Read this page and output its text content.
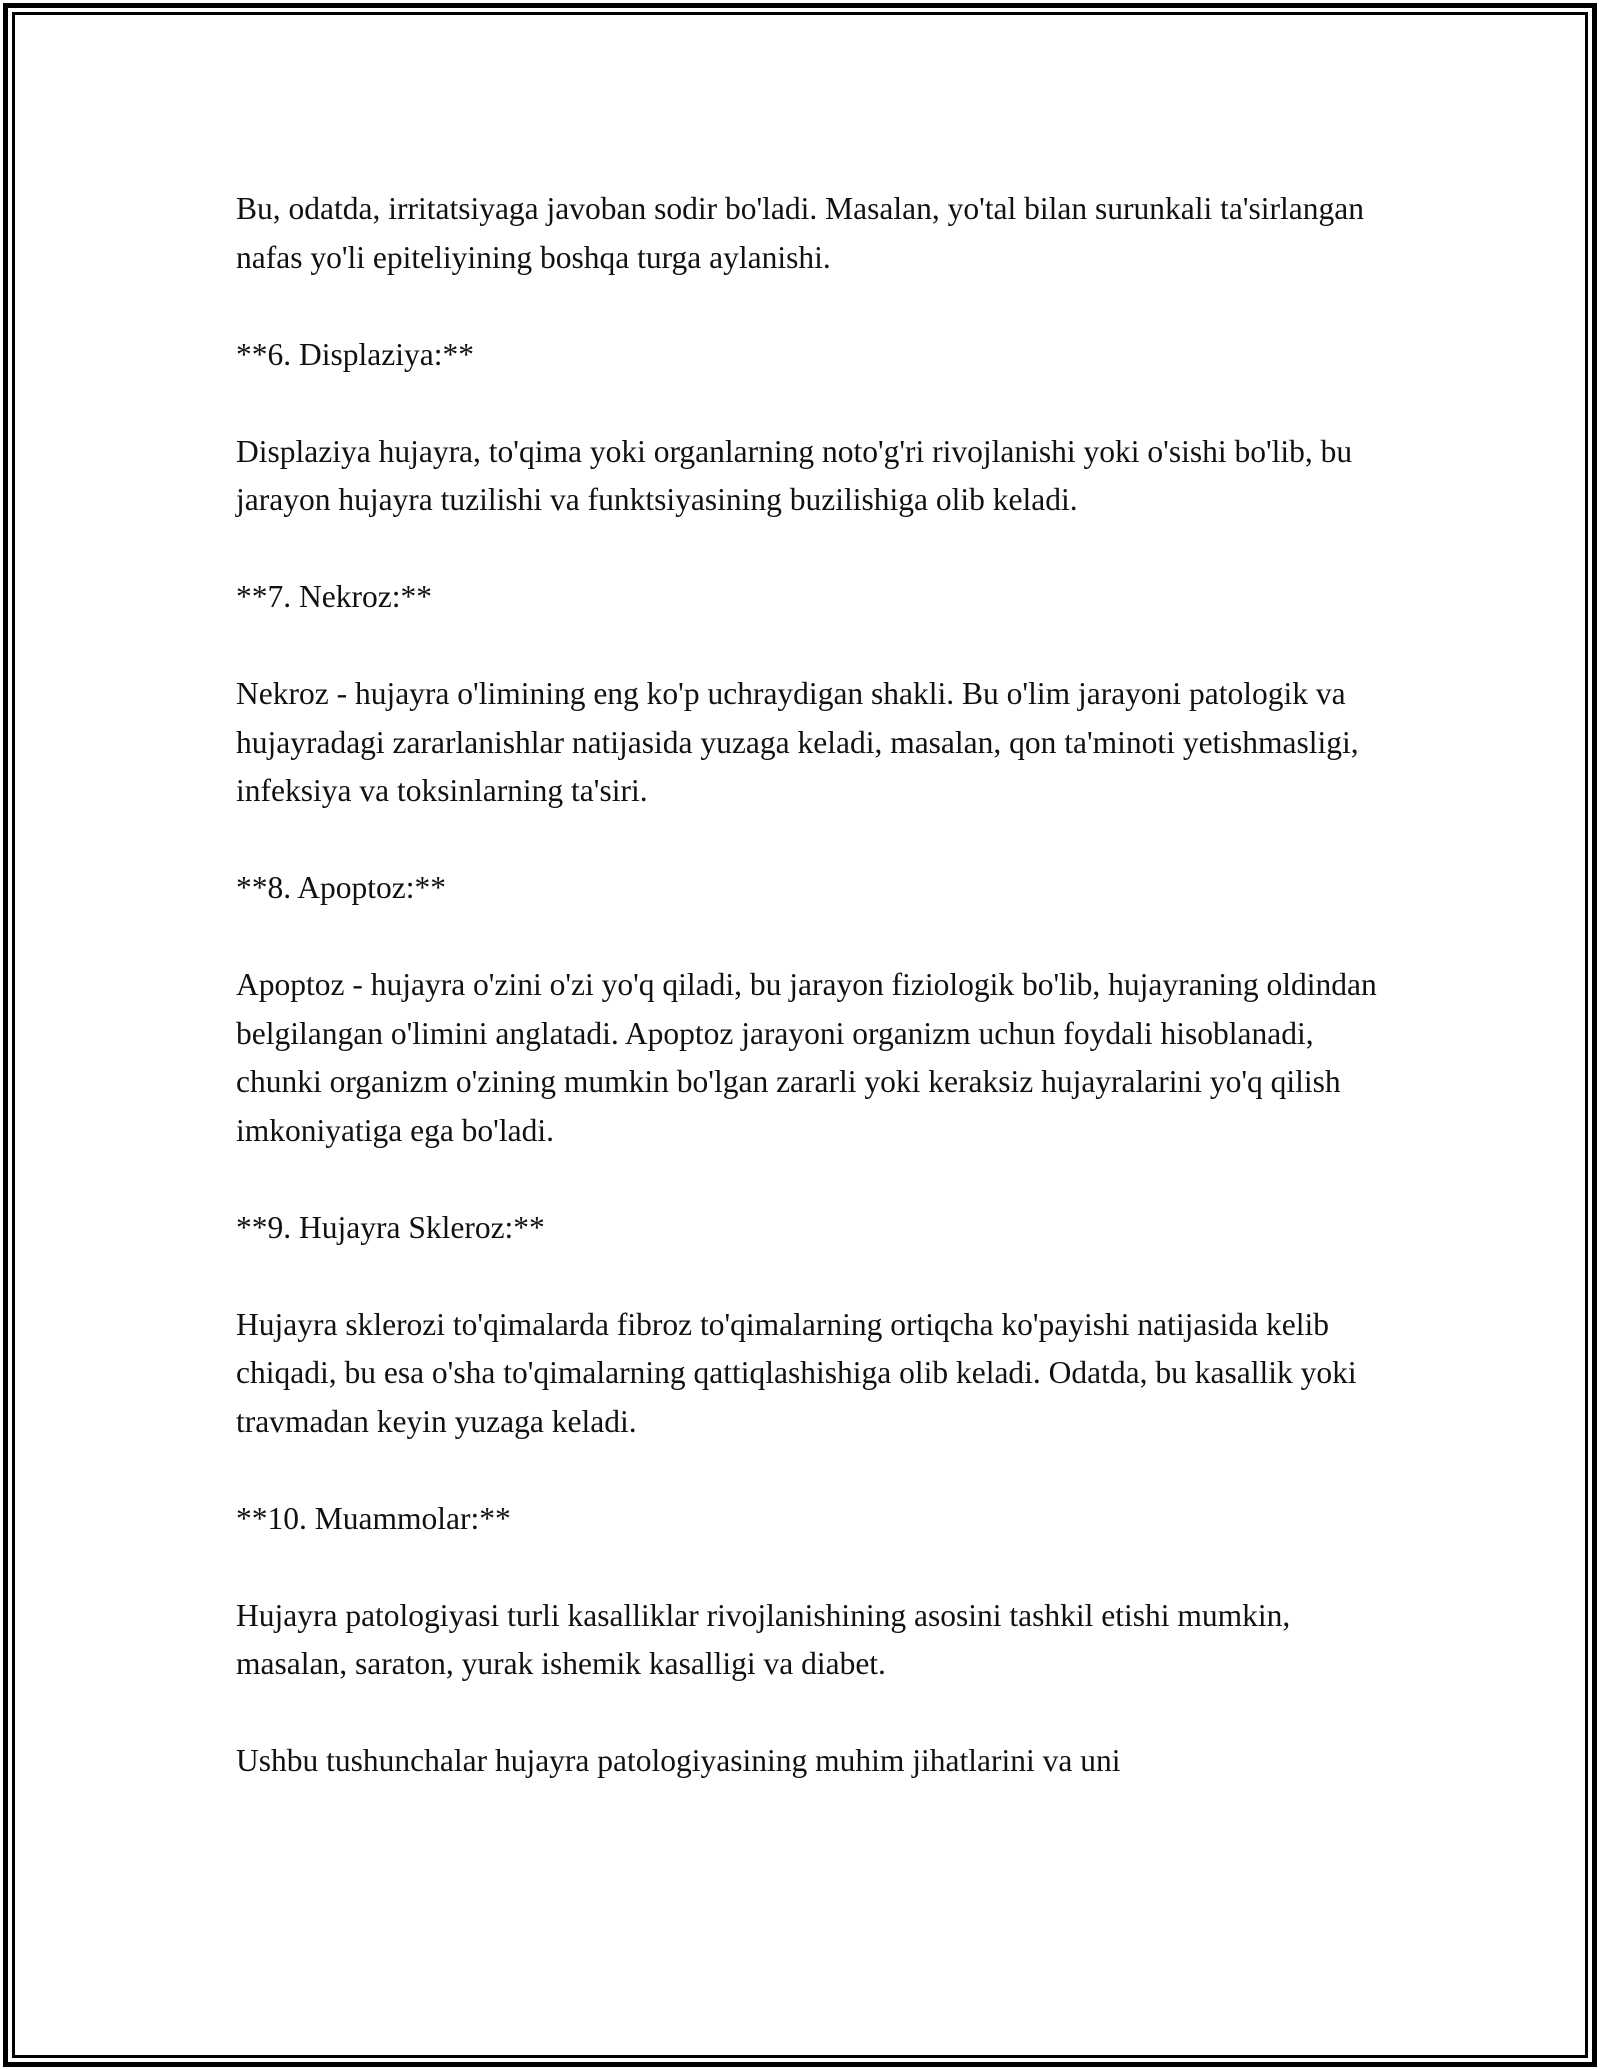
Bu, odatda, irritatsiyaga javoban sodir bo'ladi. Masalan, yo'tal bilan surunkali ta'sirlangan nafas yo'li epiteliyining boshqa turga aylanishi.

**6. Displaziya:**

Displaziya hujayra, to'qima yoki organlarning noto'g'ri rivojlanishi yoki o'sishi bo'lib, bu jarayon hujayra tuzilishi va funktsiyasining buzilishiga olib keladi.

**7. Nekroz:**

Nekroz - hujayra o'limining eng ko'p uchraydigan shakli. Bu o'lim jarayoni patologik va hujayradagi zararlanishlar natijasida yuzaga keladi, masalan, qon ta'minoti yetishmasligi, infeksiya va toksinlarning ta'siri.

**8. Apoptoz:**

Apoptoz - hujayra o'zini o'zi yo'q qiladi, bu jarayon fiziologik bo'lib, hujayraning oldindan belgilangan o'limini anglatadi. Apoptoz jarayoni organizm uchun foydali hisoblanadi, chunki organizm o'zining mumkin bo'lgan zararli yoki keraksiz hujayralarini yo'q qilish imkoniyatiga ega bo'ladi.

**9. Hujayra Skleroz:**

Hujayra sklerozi to'qimalarda fibroz to'qimalarning ortiqcha ko'payishi natijasida kelib chiqadi, bu esa o'sha to'qimalarning qattiqlashishiga olib keladi. Odatda, bu kasallik yoki travmadan keyin yuzaga keladi.

**10. Muammolar:**

Hujayra patologiyasi turli kasalliklar rivojlanishining asosini tashkil etishi mumkin, masalan, saraton, yurak ishemik kasalligi va diabet.

Ushbu tushunchalar hujayra patologiyasining muhim jihatlarini va uni
